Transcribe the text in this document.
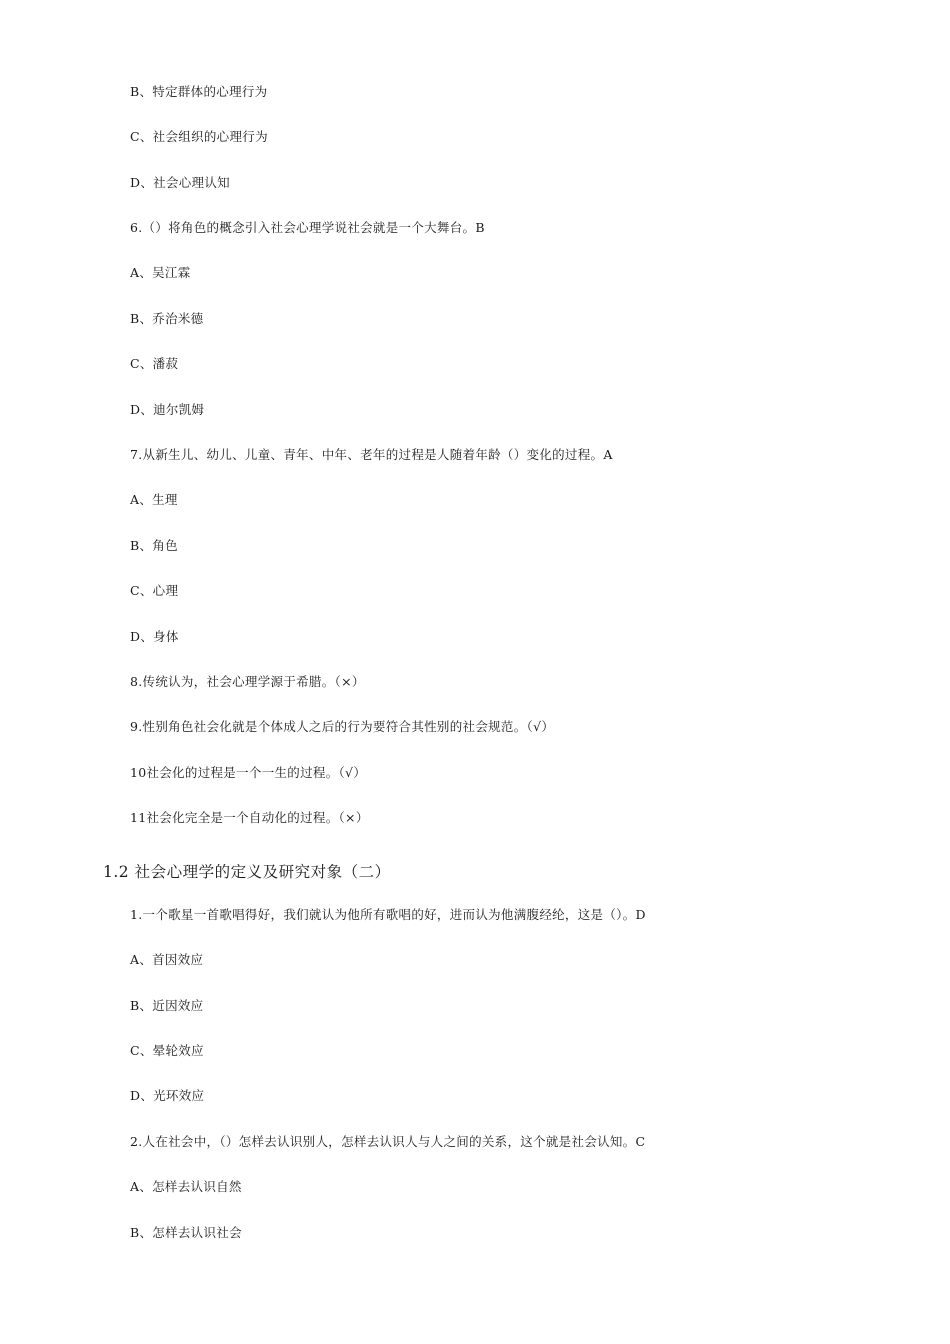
B、特定群体的心理行为
C、社会组织的心理行为
D、社会心理认知
6.（）将角色的概念引入社会心理学说社会就是一个大舞台。B
A、吴江霖
B、乔治米德
C、潘菽
D、迪尔凯姆
7.从新生儿、幼儿、儿童、青年、中年、老年的过程是人随着年龄（）变化的过程。A
A、生理
B、角色
C、心理
D、身体
8.传统认为，社会心理学源于希腊。（×）
9.性别角色社会化就是个体成人之后的行为要符合其性别的社会规范。（√）
10社会化的过程是一个一生的过程。（√）
11社会化完全是一个自动化的过程。（×）
1.2 社会心理学的定义及研究对象（二）
1.一个歌星一首歌唱得好，我们就认为他所有歌唱的好，进而认为他满腹经纶，这是（）。D
A、首因效应
B、近因效应
C、晕轮效应
D、光环效应
2.人在社会中，（）怎样去认识别人，怎样去认识人与人之间的关系，这个就是社会认知。C
A、怎样去认识自然
B、怎样去认识社会
